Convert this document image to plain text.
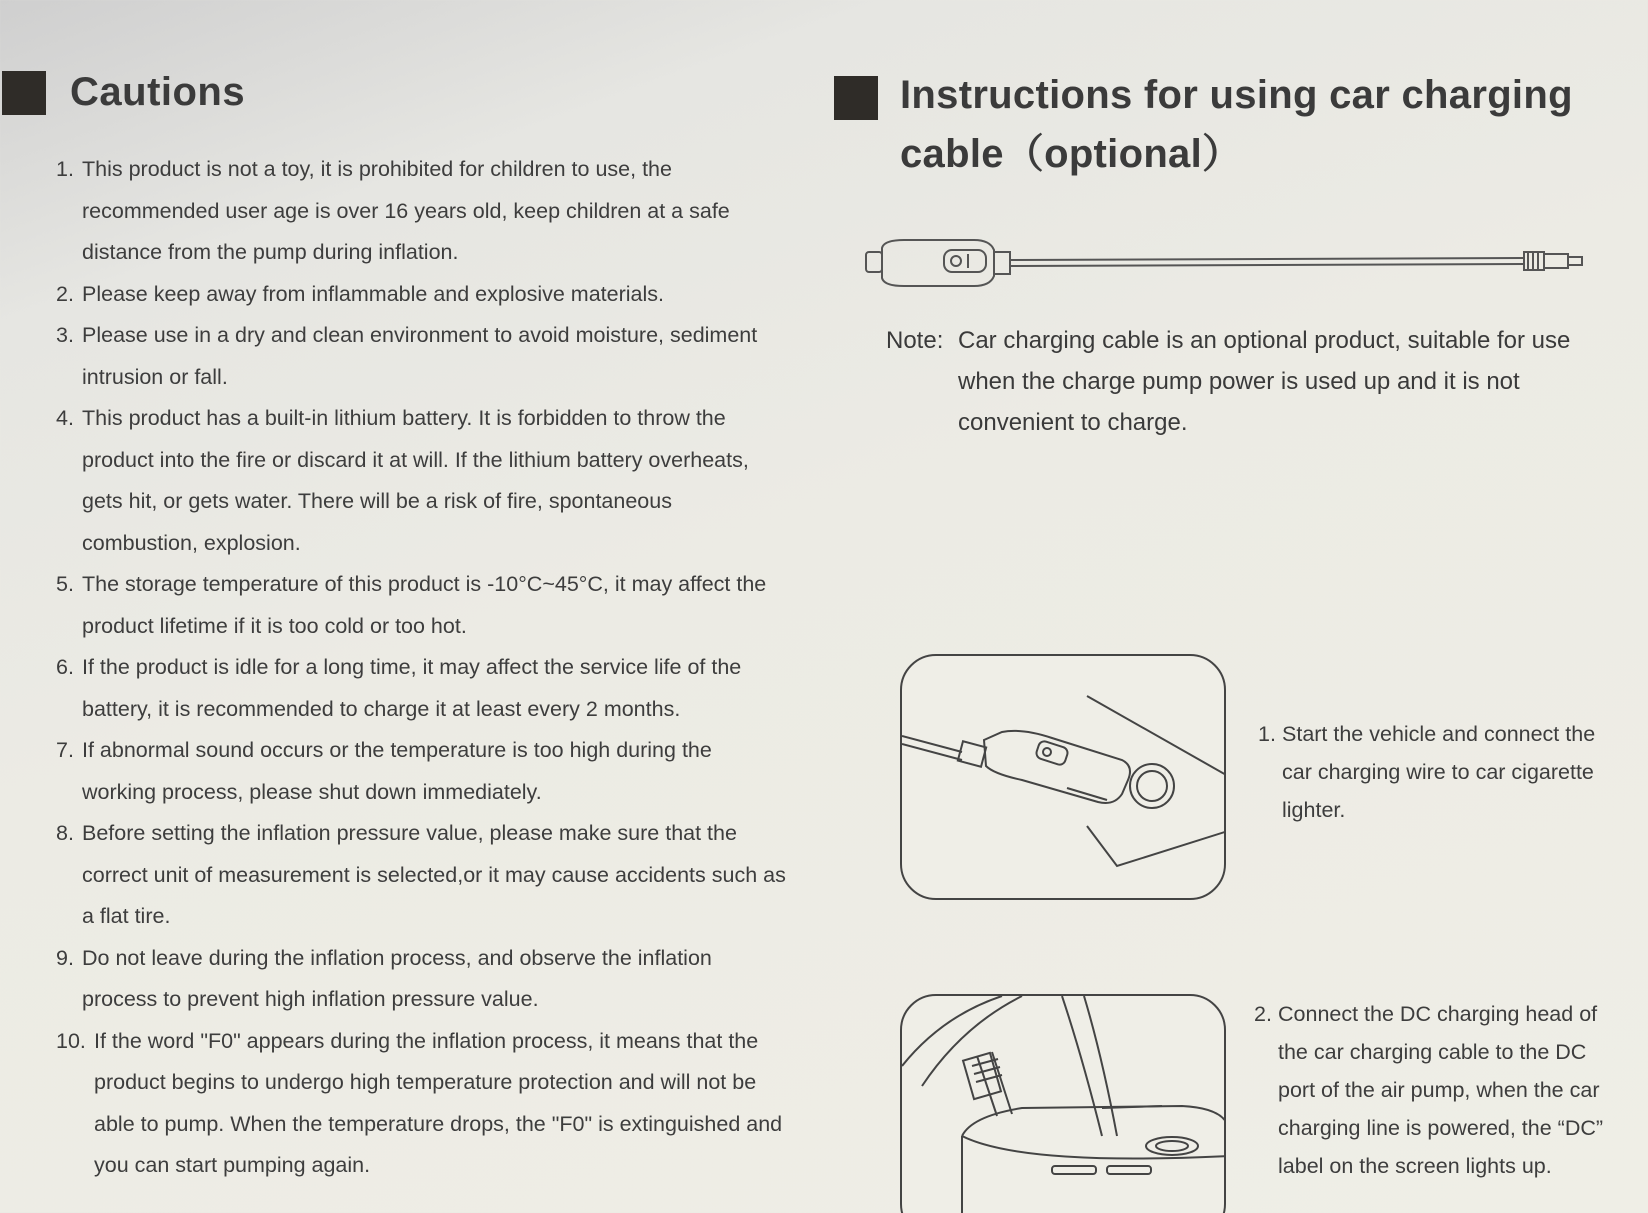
Cautions
1. This product is not a toy, it is prohibited for children to use, the recommended user age is over 16 years old, keep children at a safe distance from the pump during inflation.
2. Please keep away from inflammable and explosive materials.
3. Please use in a dry and clean environment to avoid moisture, sediment intrusion or fall.
4. This product has a built-in lithium battery. It is forbidden to throw the product into the fire or discard it at will. If the lithium battery overheats, gets hit, or gets water. There will be a risk of fire, spontaneous combustion, explosion.
5. The storage temperature of this product is -10°C~45°C, it may affect the product lifetime if it is too cold or too hot.
6. If the product is idle for a long time, it may affect the service life of the battery, it is recommended to charge it at least every 2 months.
7. If abnormal sound occurs or the temperature is too high during the working process, please shut down immediately.
8. Before setting the inflation pressure value, please make sure that the correct unit of measurement is selected,or it may cause accidents such as a flat tire.
9. Do not leave during the inflation process, and observe the inflation process to prevent high inflation pressure value.
10. If the word "F0" appears during the inflation process, it means that the product begins to undergo high temperature protection and will not be able to pump. When the temperature drops, the "F0" is extinguished and you can start pumping again.
Instructions for using car charging cable（optional）
Note: Car charging cable is an optional product, suitable for use when the charge pump power is used up and it is not convenient to charge.
1. Start the vehicle and connect the car charging wire to car cigarette lighter.
2. Connect the DC charging head of the car charging cable to the DC port of the air pump, when the car charging line is powered, the “DC” label on the screen lights up.
